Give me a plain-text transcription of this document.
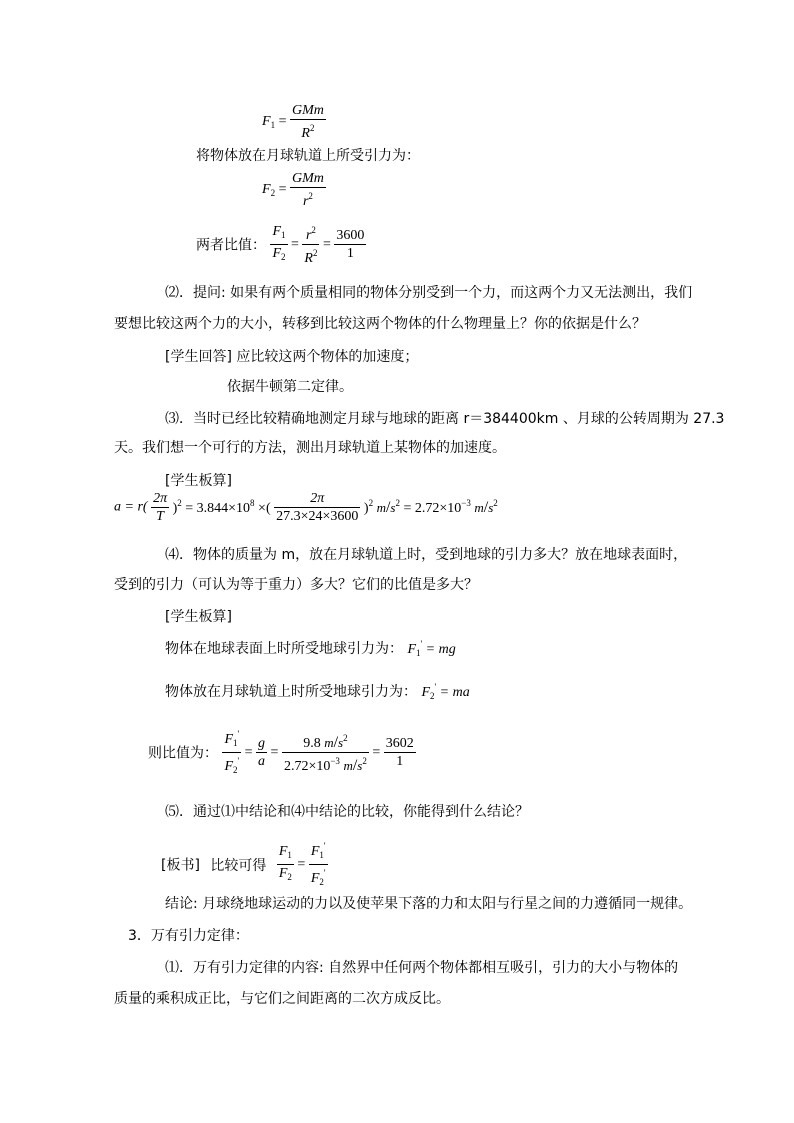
$F_1 = \frac{\text{GMm}}{R^2}$
将物体放在月球轨道上所受引力为：
$F_2 = \frac{\text{GMm}}{r^2}$
两者比值： $\frac{F_1}{F_2} = \frac{r^2}{R^2} = \frac{3600}{1}$
⑵．提问: 如果有两个质量相同的物体分别受到一个力，而这两个力又无法测出，我们
要想比较这两个力的大小，转移到比较这两个物体的什么物理量上？你的依据是什么？
[学生回答] 应比较这两个物体的加速度；
依据牛顿第二定律。
⑶．当时已经比较精确地测定月球与地球的距离 r＝384400km 、月球的公转周期为 27.3
天。我们想一个可行的方法，测出月球轨道上某物体的加速度。
[学生板算]
$a = r( \frac{2\pi}{T} )^2 = 3.844\times 10^8$ ×( $\frac{2\pi}{27.3\times 24\times 3600} )^2$ $m/s^2 = 2.72\times 10^{-3}$ $m/s^2$
⑷．物体的质量为 m，放在月球轨道上时，受到地球的引力多大？放在地球表面时，
受到的引力（可认为等于重力）多大？它们的比值是多大？
[学生板算]
物体在地球表面上时所受地球引力为： $F_1'$ = mg
物体放在月球轨道上时所受地球引力为： $F_2'$ = ma
则比值为： $\frac{F_1'}{F_2'} = \frac{g}{a} = \frac{9.8 m/s^2}{2.72\times 10^{-3} m/s^2} = \frac{3602}{1}$
⑸．通过⑴中结论和⑷中结论的比较，你能得到什么结论？
[板书] 比较可得 $\frac{F_1}{F_2} = \frac{F_1'}{F_2'}$
结论: 月球绕地球运动的力以及使苹果下落的力和太阳与行星之间的力遵循同一规律。
3．万有引力定律：
⑴．万有引力定律的内容: 自然界中任何两个物体都相互吸引，引力的大小与物体的
质量的乘积成正比，与它们之间距离的二次方成反比。
